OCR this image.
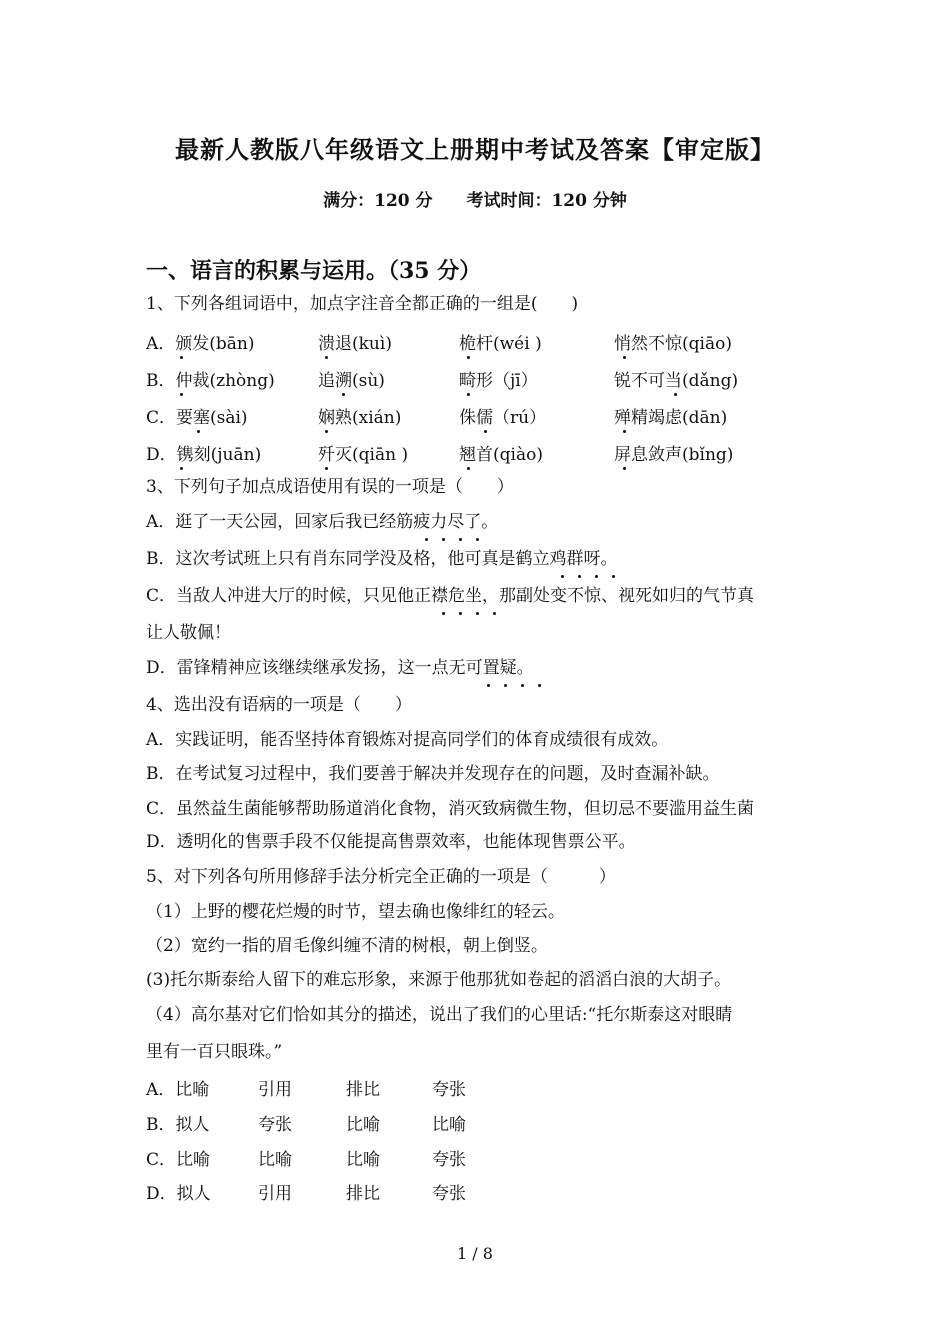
最新人教版八年级语文上册期中考试及答案【审定版】
满分：120 分 考试时间：120 分钟
一、语言的积累与运用。（35 分）
1、下列各组词语中，加点字注音全都正确的一组是(　　)
A．颁发(bān)	溃退(kuì)	桅杆(wéi )	悄然不惊(qiāo)
B．仲裁(zhòng)	追溯(sù)	畸形（jī）	锐不可当(dǎng)
C．要塞(sài)	娴熟(xián)	侏儒（rú）	殚精竭虑(dān)
D．镌刻(juān)	歼灭(qiān )	翘首(qiào)	屏息敛声(bǐng)
3、下列句子加点成语使用有误的一项是（　　）
A．逛了一天公园，回家后我已经筋疲力尽了。
B．这次考试班上只有肖东同学没及格，他可真是鹤立鸡群呀。
C．当敌人冲进大厅的时候，只见他正襟危坐，那副处变不惊、视死如归的气节真
让人敬佩！
D．雷锋精神应该继续继承发扬，这一点无可置疑。
4、选出没有语病的一项是（　　）
A．实践证明，能否坚持体育锻炼对提高同学们的体育成绩很有成效。
B．在考试复习过程中，我们要善于解决并发现存在的问题，及时查漏补缺。
C．虽然益生菌能够帮助肠道消化食物，消灭致病微生物，但切忌不要滥用益生菌
D．透明化的售票手段不仅能提高售票效率，也能体现售票公平。
5、对下列各句所用修辞手法分析完全正确的一项是（　　　）
（1）上野的樱花烂熳的时节，望去确也像绯红的轻云。
（2）宽约一指的眉毛像纠缠不清的树根，朝上倒竖。
(3)托尔斯泰给人留下的难忘形象，来源于他那犹如卷起的滔滔白浪的大胡子。
（4）高尔基对它们恰如其分的描述，说出了我们的心里话:“托尔斯泰这对眼睛
里有一百只眼珠。”
A．比喻	引用	排比	夸张
B．拟人	夸张	比喻	比喻
C．比喻	比喻	比喻	夸张
D．拟人	引用	排比	夸张
1 / 8
